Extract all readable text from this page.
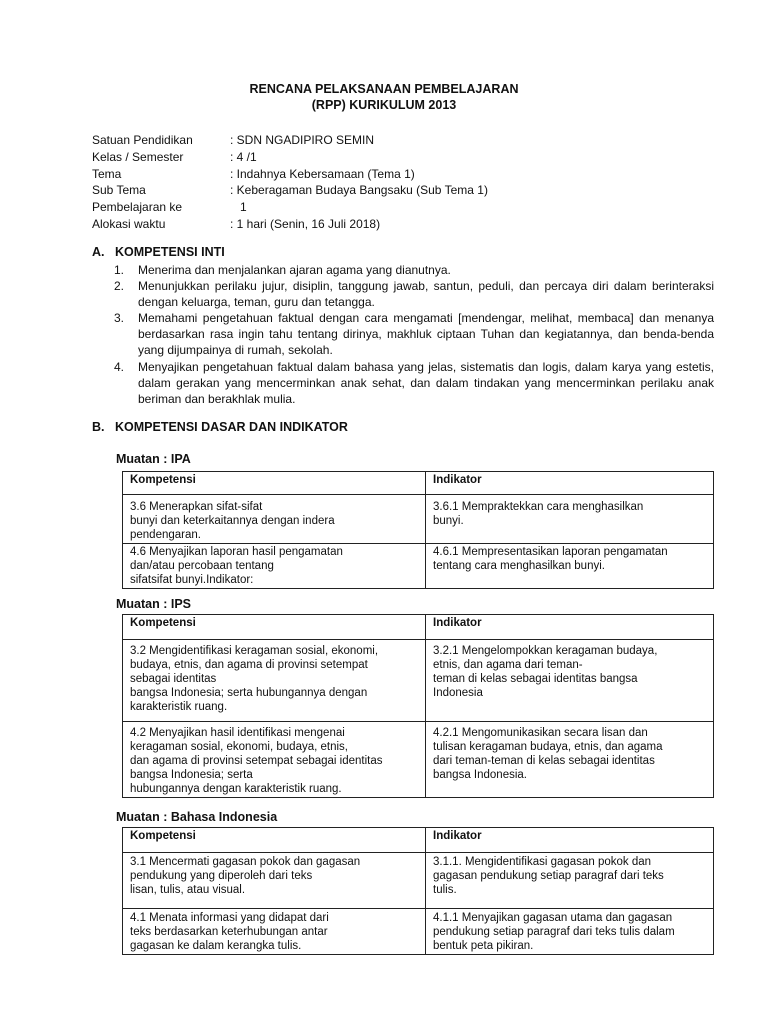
RENCANA PELAKSANAAN PEMBELAJARAN
(RPP) KURIKULUM 2013
Satuan Pendidikan	: SDN NGADIPIRO SEMIN
Kelas / Semester	: 4 /1
Tema	: Indahnya Kebersamaan (Tema 1)
Sub Tema	: Keberagaman Budaya Bangsaku (Sub Tema 1)
Pembelajaran ke	1
Alokasi waktu	: 1 hari (Senin, 16 Juli 2018)
A. KOMPETENSI INTI
1. Menerima dan menjalankan ajaran agama yang dianutnya.
2. Menunjukkan perilaku jujur, disiplin, tanggung jawab, santun, peduli, dan percaya diri dalam berinteraksi dengan keluarga, teman, guru dan tetangga.
3. Memahami pengetahuan faktual dengan cara mengamati [mendengar, melihat, membaca] dan menanya berdasarkan rasa ingin tahu tentang dirinya, makhluk ciptaan Tuhan dan kegiatannya, dan benda-benda yang dijumpainya di rumah, sekolah.
4. Menyajikan pengetahuan faktual dalam bahasa yang jelas, sistematis dan logis, dalam karya yang estetis, dalam gerakan yang mencerminkan anak sehat, dan dalam tindakan yang mencerminkan perilaku anak beriman dan berakhlak mulia.
B. KOMPETENSI DASAR DAN INDIKATOR
Muatan : IPA
Kompetensi	Indikator

3.6 Menerapkan sifat-sifat
bunyi dan keterkaitannya dengan indera
pendengaran.	3.6.1 Mempraktekkan cara menghasilkan
bunyi.

4.6 Menyajikan laporan hasil pengamatan
dan/atau percobaan tentang
sifatsifat bunyi.Indikator:	4.6.1 Mempresentasikan laporan pengamatan
tentang cara menghasilkan bunyi.
Muatan : IPS
Kompetensi	Indikator

3.2 Mengidentifikasi keragaman sosial, ekonomi,
budaya, etnis, dan agama di provinsi setempat
sebagai identitas
bangsa Indonesia; serta hubungannya dengan
karakteristik ruang.	3.2.1 Mengelompokkan keragaman budaya,
etnis, dan agama dari teman-
teman di kelas sebagai identitas bangsa
Indonesia

4.2 Menyajikan hasil identifikasi mengenai
keragaman sosial, ekonomi, budaya, etnis,
dan agama di provinsi setempat sebagai identitas
bangsa Indonesia; serta
hubungannya dengan karakteristik ruang.	4.2.1 Mengomunikasikan secara lisan dan
tulisan keragaman budaya, etnis, dan agama
dari teman-teman di kelas sebagai identitas
bangsa Indonesia.
Muatan : Bahasa Indonesia
Kompetensi	Indikator

3.1 Mencermati gagasan pokok dan gagasan
pendukung yang diperoleh dari teks
lisan, tulis, atau visual.	3.1.1. Mengidentifikasi gagasan pokok dan
gagasan pendukung setiap paragraf dari teks
tulis.

4.1 Menata informasi yang didapat dari
teks berdasarkan keterhubungan antar
gagasan ke dalam kerangka tulis.	4.1.1 Menyajikan gagasan utama dan gagasan
pendukung setiap paragraf dari teks tulis dalam
bentuk peta pikiran.
